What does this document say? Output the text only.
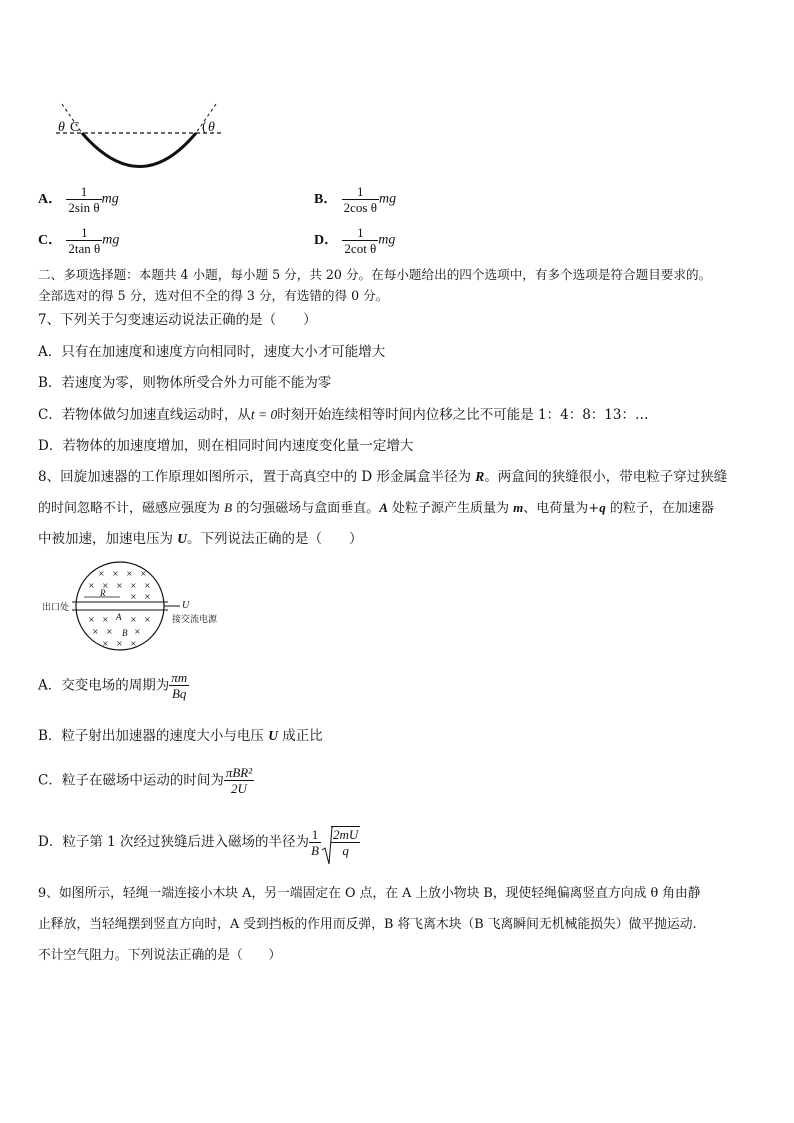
θ C	( θ
A． $\frac{1}{\text{2sin θ}}$ mg	B． $\frac{1}{\text{2cos θ}}$ mg
C． $\frac{1}{\text{2tan θ}}$ mg	D． $\frac{1}{\text{2cot θ}}$ mg
二、多项选择题：本题共 4 小题，每小题 5 分，共 20 分。在每小题给出的四个选项中，有多个选项是符合题目要求的。
全部选对的得 5 分，选对但不全的得 3 分，有选错的得 0 分。
7、下列关于匀变速运动说法正确的是（　　）
A．只有在加速度和速度方向相同时，速度大小才可能增大
B．若速度为零，则物体所受合外力可能不能为零
C．若物体做匀加速直线运动时，从t = 0时刻开始连续相等时间内位移之比不可能是 1：4：8：13：…
D．若物体的加速度增加，则在相同时间内速度变化量一定增大
8、回旋加速器的工作原理如图所示，置于高真空中的 D 形金属盒半径为 R。两盒间的狭缝很小，带电粒子穿过狭缝
的时间忽略不计，磁感应强度为 B 的匀强磁场与盒面垂直。A 处粒子源产生质量为 m、电荷量为+q 的粒子，在加速器
中被加速，加速电压为 U。下列说法正确的是（　　）
× × × ×
× × × × ×
× ×
× ×	× ×
× ×	×
× × ×
出口处
R
A
B
U
接交流电源
A．交变电场的周期为 $\frac{\pi m}{Bq}$
B．粒子射出加速器的速度大小与电压 U 成正比
C．粒子在磁场中运动的时间为 $\frac{\text{πBR²}}{2U}$
D．粒子第 1 次经过狭缝后进入磁场的半径为 $\frac{1}{B} \frac{2mU}{q}$
9、如图所示，轻绳一端连接小木块 A，另一端固定在 O 点，在 A 上放小物块 B，现使轻绳偏离竖直方向成 θ 角由静
止释放，当轻绳摆到竖直方向时，A 受到挡板的作用而反弹，B 将飞离木块（B 飞离瞬间无机械能损失）做平抛运动.
不计空气阻力。下列说法正确的是（　　）
